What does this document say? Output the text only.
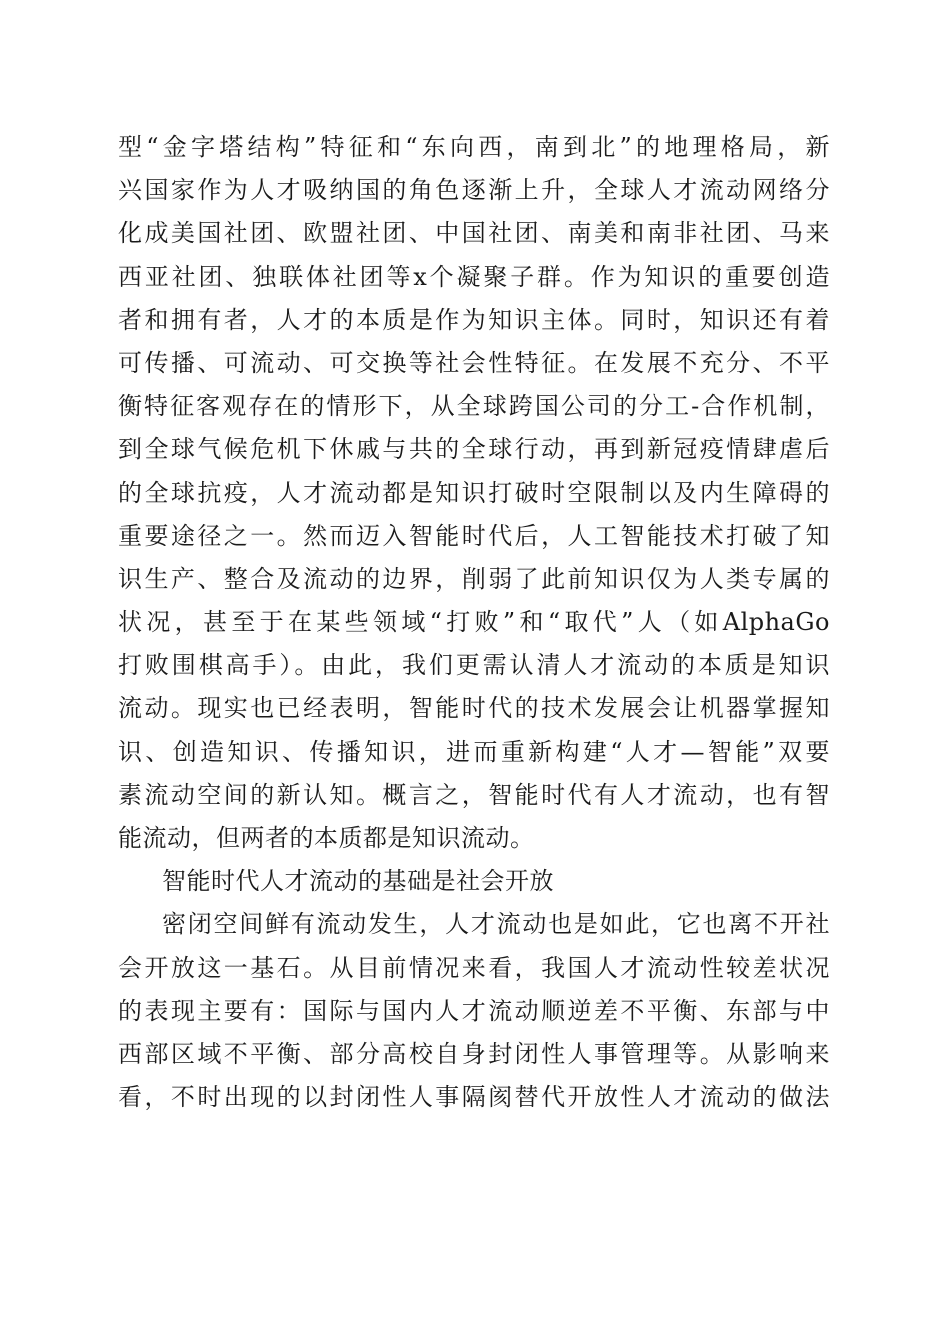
型“金字塔结构”特征和“东向西，南到北”的地理格局，新
兴国家作为人才吸纳国的角色逐渐上升，全球人才流动网络分
化成美国社团、欧盟社团、中国社团、南美和南非社团、马来
西亚社团、独联体社团等x个凝聚子群。作为知识的重要创造
者和拥有者，人才的本质是作为知识主体。同时，知识还有着
可传播、可流动、可交换等社会性特征。在发展不充分、不平
衡特征客观存在的情形下，从全球跨国公司的分工-合作机制，
到全球气候危机下休戚与共的全球行动，再到新冠疫情肆虐后
的全球抗疫，人才流动都是知识打破时空限制以及内生障碍的
重要途径之一。然而迈入智能时代后，人工智能技术打破了知
识生产、整合及流动的边界，削弱了此前知识仅为人类专属的
状况，甚至于在某些领域“打败”和“取代”人（如AlphaGo
打败围棋高手）。由此，我们更需认清人才流动的本质是知识
流动。现实也已经表明，智能时代的技术发展会让机器掌握知
识、创造知识、传播知识，进而重新构建“人才—智能”双要
素流动空间的新认知。概言之，智能时代有人才流动，也有智
能流动，但两者的本质都是知识流动。
智能时代人才流动的基础是社会开放
密闭空间鲜有流动发生，人才流动也是如此，它也离不开社
会开放这一基石。从目前情况来看，我国人才流动性较差状况
的表现主要有：国际与国内人才流动顺逆差不平衡、东部与中
西部区域不平衡、部分高校自身封闭性人事管理等。从影响来
看，不时出现的以封闭性人事隔阂替代开放性人才流动的做法
